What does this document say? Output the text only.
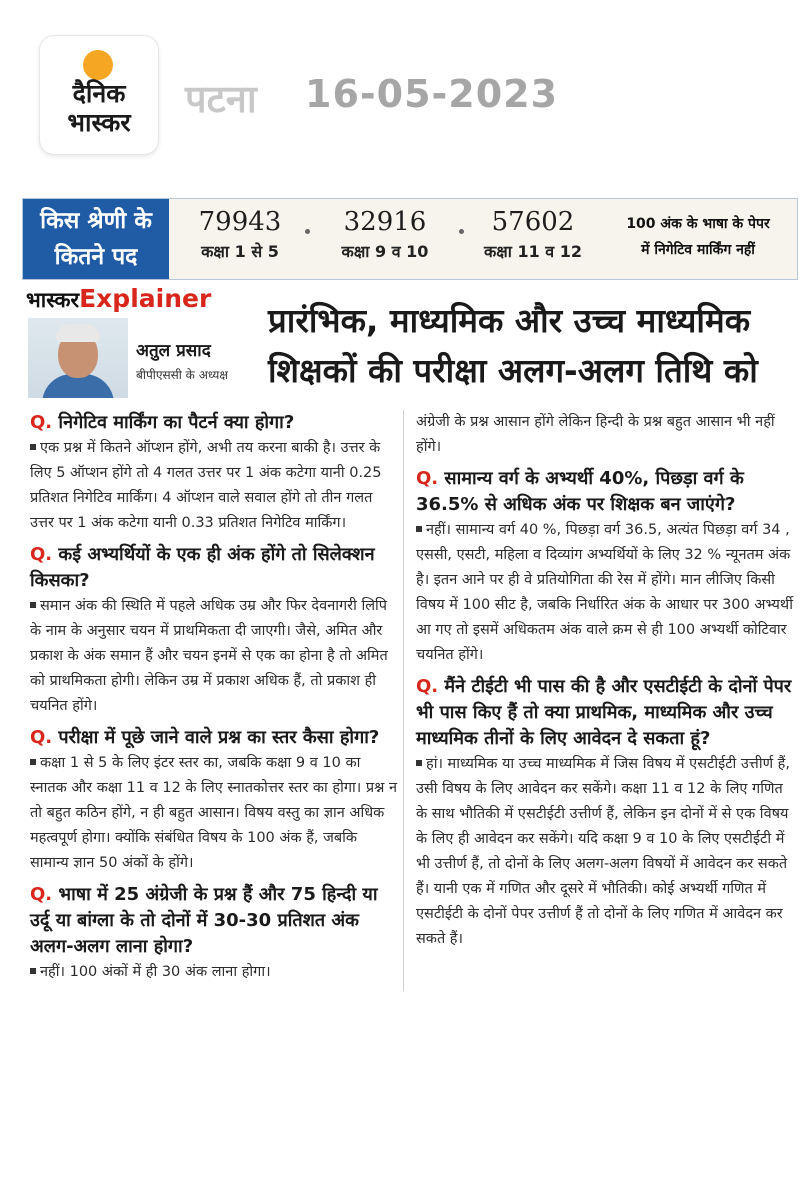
दैनिक
भास्कर
पटना 16-05-2023
किस श्रेणी के
कितने पद
79943
कक्षा 1 से 5
32916
कक्षा 9 व 10
57602
कक्षा 11 व 12
100 अंक के भाषा के पेपर
में निगेटिव मार्किंग नहीं
भास्करExplainer
अतुल प्रसाद
बीपीएससी के अध्यक्ष
प्रारंभिक, माध्यमिक और उच्च माध्यमिक
शिक्षकों की परीक्षा अलग-अलग तिथि को
Q. निगेटिव मार्किंग का पैटर्न क्या होगा?
एक प्रश्न में कितने ऑप्शन होंगे, अभी तय करना बाकी है। उत्तर के लिए 5 ऑप्शन होंगे तो 4 गलत उत्तर पर 1 अंक कटेगा यानी 0.25 प्रतिशत निगेटिव मार्किंग। 4 ऑप्शन वाले सवाल होंगे तो तीन गलत उत्तर पर 1 अंक कटेगा यानी 0.33 प्रतिशत निगेटिव मार्किंग।
Q. कई अभ्यर्थियों के एक ही अंक होंगे तो सिलेक्शन किसका?
समान अंक की स्थिति में पहले अधिक उम्र और फिर देवनागरी लिपि के नाम के अनुसार चयन में प्राथमिकता दी जाएगी। जैसे, अमित और प्रकाश के अंक समान हैं और चयन इनमें से एक का होना है तो अमित को प्राथमिकता होगी। लेकिन उम्र में प्रकाश अधिक हैं, तो प्रकाश ही चयनित होंगे।
Q. परीक्षा में पूछे जाने वाले प्रश्न का स्तर कैसा होगा?
कक्षा 1 से 5 के लिए इंटर स्तर का, जबकि कक्षा 9 व 10 का स्नातक और कक्षा 11 व 12 के लिए स्नातकोत्तर स्तर का होगा। प्रश्न न तो बहुत कठिन होंगे, न ही बहुत आसान। विषय वस्तु का ज्ञान अधिक महत्वपूर्ण होगा। क्योंकि संबंधित विषय के 100 अंक हैं, जबकि सामान्य ज्ञान 50 अंकों के होंगे।
Q. भाषा में 25 अंग्रेजी के प्रश्न हैं और 75 हिन्दी या उर्दू या बांग्ला के तो दोनों में 30-30 प्रतिशत अंक अलग-अलग लाना होगा?
नहीं। 100 अंकों में ही 30 अंक लाना होगा।
अंग्रेजी के प्रश्न आसान होंगे लेकिन हिन्दी के प्रश्न बहुत आसान भी नहीं होंगे।
Q. सामान्य वर्ग के अभ्यर्थी 40%, पिछड़ा वर्ग के 36.5% से अधिक अंक पर शिक्षक बन जाएंगे?
नहीं। सामान्य वर्ग 40 %, पिछड़ा वर्ग 36.5, अत्यंत पिछड़ा वर्ग 34 , एससी, एसटी, महिला व दिव्यांग अभ्यर्थियों के लिए 32 % न्यूनतम अंक है। इतन आने पर ही वे प्रतियोगिता की रेस में होंगे। मान लीजिए किसी विषय में 100 सीट है, जबकि निर्धारित अंक के आधार पर 300 अभ्यर्थी आ गए तो इसमें अधिकतम अंक वाले क्रम से ही 100 अभ्यर्थी कोटिवार चयनित होंगे।
Q. मैंने टीईटी भी पास की है और एसटीईटी के दोनों पेपर भी पास किए हैं तो क्या प्राथमिक, माध्यमिक और उच्च माध्यमिक तीनों के लिए आवेदन दे सकता हूं?
हां। माध्यमिक या उच्च माध्यमिक में जिस विषय में एसटीईटी उत्तीर्ण हैं, उसी विषय के लिए आवेदन कर सकेंगे। कक्षा 11 व 12 के लिए गणित के साथ भौतिकी में एसटीईटी उत्तीर्ण हैं, लेकिन इन दोनों में से एक विषय के लिए ही आवेदन कर सकेंगे। यदि कक्षा 9 व 10 के लिए एसटीईटी में भी उत्तीर्ण हैं, तो दोनों के लिए अलग-अलग विषयों में आवेदन कर सकते हैं। यानी एक में गणित और दूसरे में भौतिकी। कोई अभ्यर्थी गणित में एसटीईटी के दोनों पेपर उत्तीर्ण हैं तो दोनों के लिए गणित में आवेदन कर सकते हैं।
